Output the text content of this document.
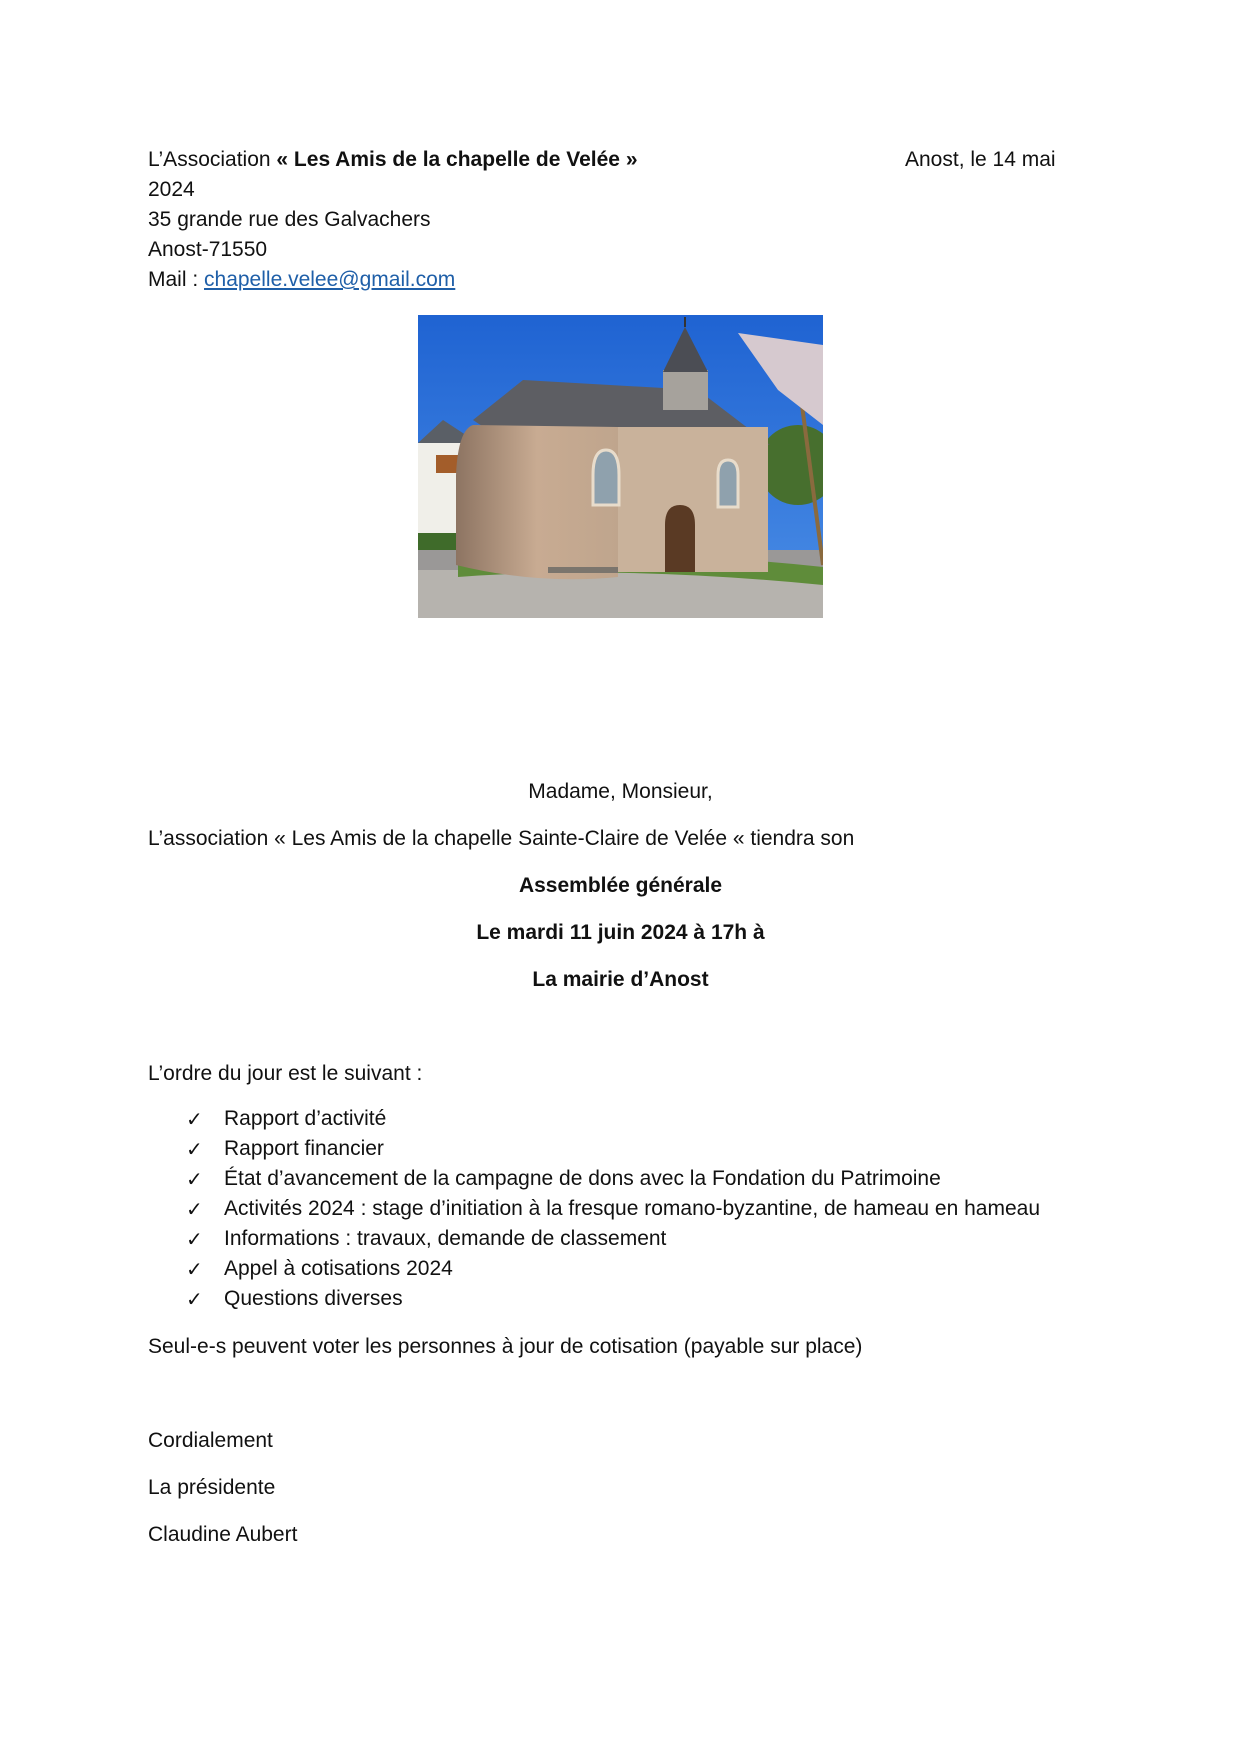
L’Association « Les Amis de la chapelle de Velée »	Anost, le 14 mai
2024
35 grande rue des Galvachers
Anost-71550
Mail : chapelle.velee@gmail.com
Madame, Monsieur,
L’association « Les Amis de la chapelle Sainte-Claire de Velée « tiendra son
Assemblée générale
Le mardi 11 juin 2024 à 17h à
La mairie d’Anost
L’ordre du jour est le suivant :
✓ Rapport d’activité
✓ Rapport financier
✓ État d’avancement de la campagne de dons avec la Fondation du Patrimoine
✓ Activités 2024 : stage d’initiation à la fresque romano-byzantine, de hameau en hameau
✓ Informations : travaux, demande de classement
✓ Appel à cotisations 2024
✓ Questions diverses
Seul-e-s peuvent voter les personnes à jour de cotisation (payable sur place)
Cordialement
La présidente
Claudine Aubert
